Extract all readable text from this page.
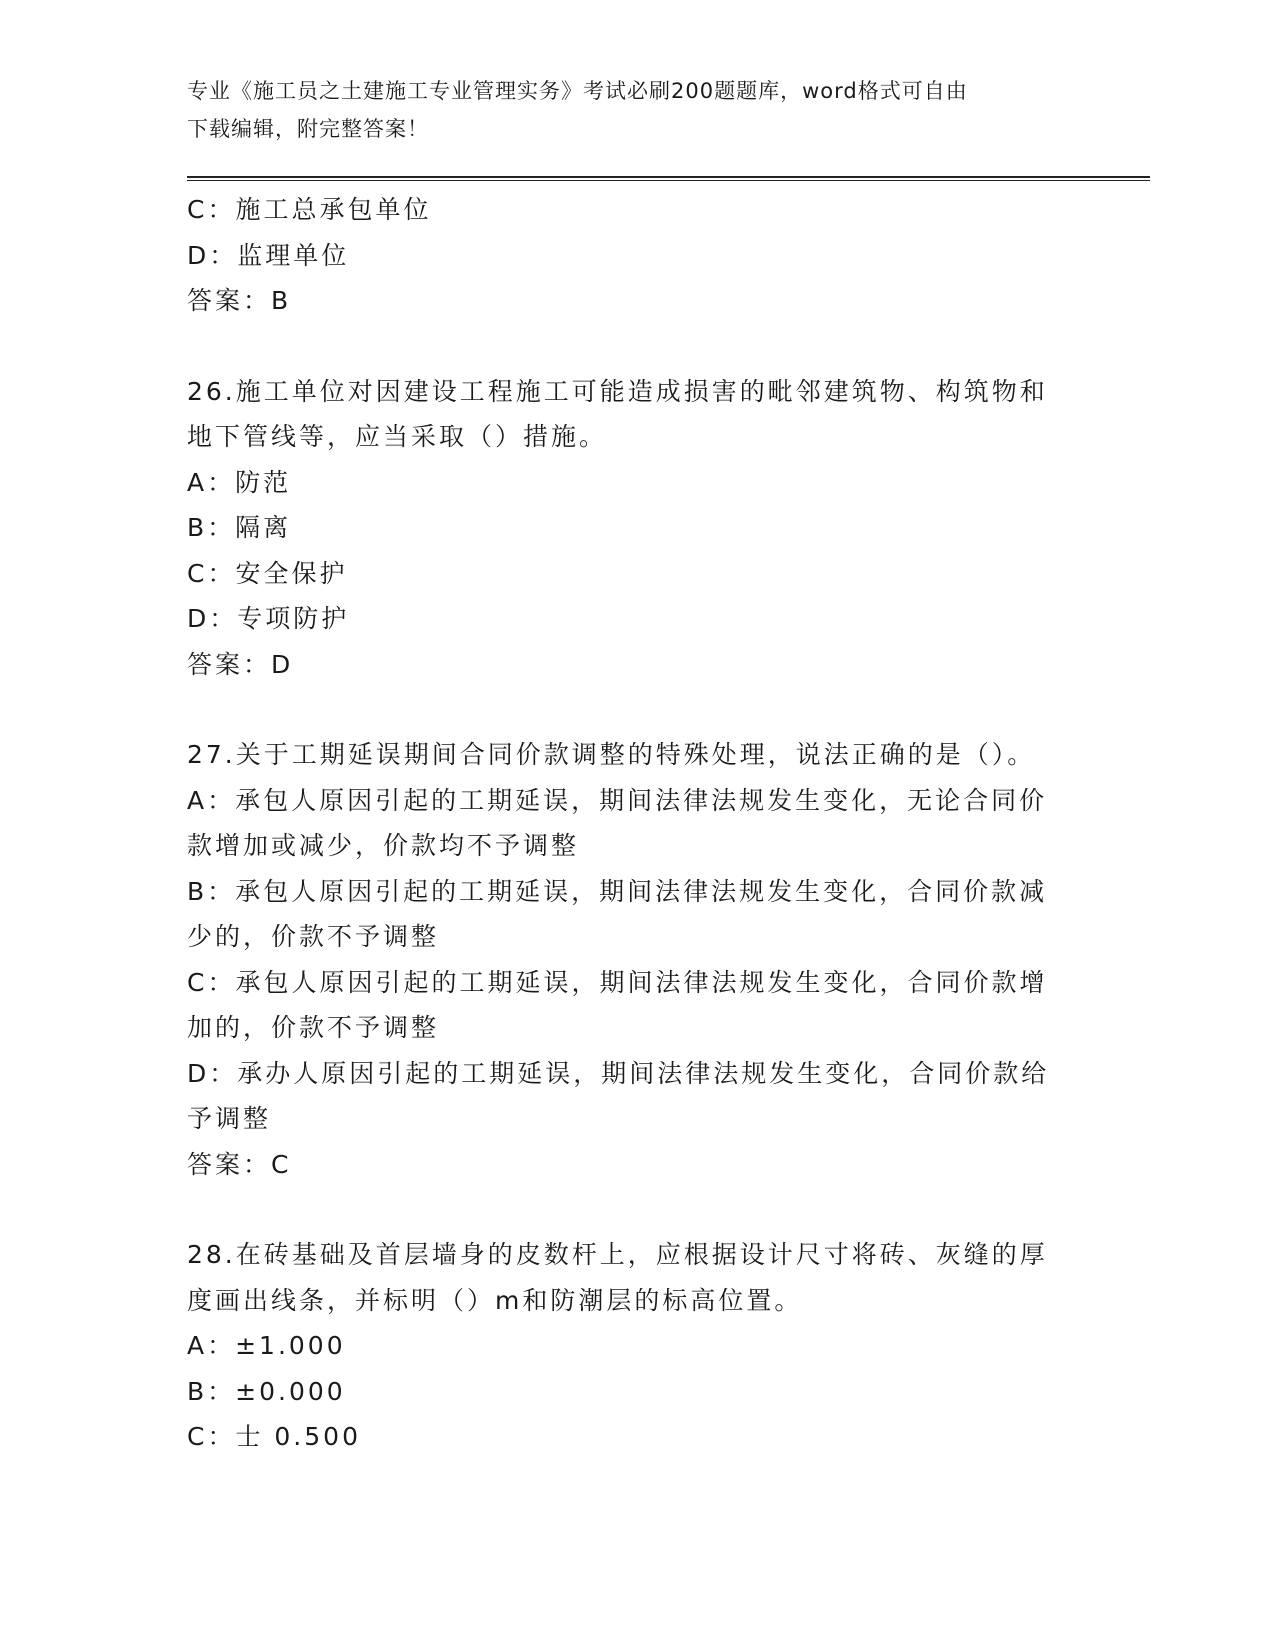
专业《施工员之土建施工专业管理实务》考试必刷200题题库，word格式可自由
下载编辑，附完整答案！
C：施工总承包单位
D：监理单位
答案：B
26.施工单位对因建设工程施工可能造成损害的毗邻建筑物、构筑物和
地下管线等，应当采取（）措施。
A：防范
B：隔离
C：安全保护
D：专项防护
答案：D
27.关于工期延误期间合同价款调整的特殊处理，说法正确的是（）。
A：承包人原因引起的工期延误，期间法律法规发生变化，无论合同价
款增加或减少，价款均不予调整
B：承包人原因引起的工期延误，期间法律法规发生变化，合同价款减
少的，价款不予调整
C：承包人原因引起的工期延误，期间法律法规发生变化，合同价款增
加的，价款不予调整
D：承办人原因引起的工期延误，期间法律法规发生变化，合同价款给
予调整
答案：C
28.在砖基础及首层墙身的皮数杆上，应根据设计尺寸将砖、灰缝的厚
度画出线条，并标明（）m和防潮层的标高位置。
A：±1.000
B：±0.000
C：士 0.500
